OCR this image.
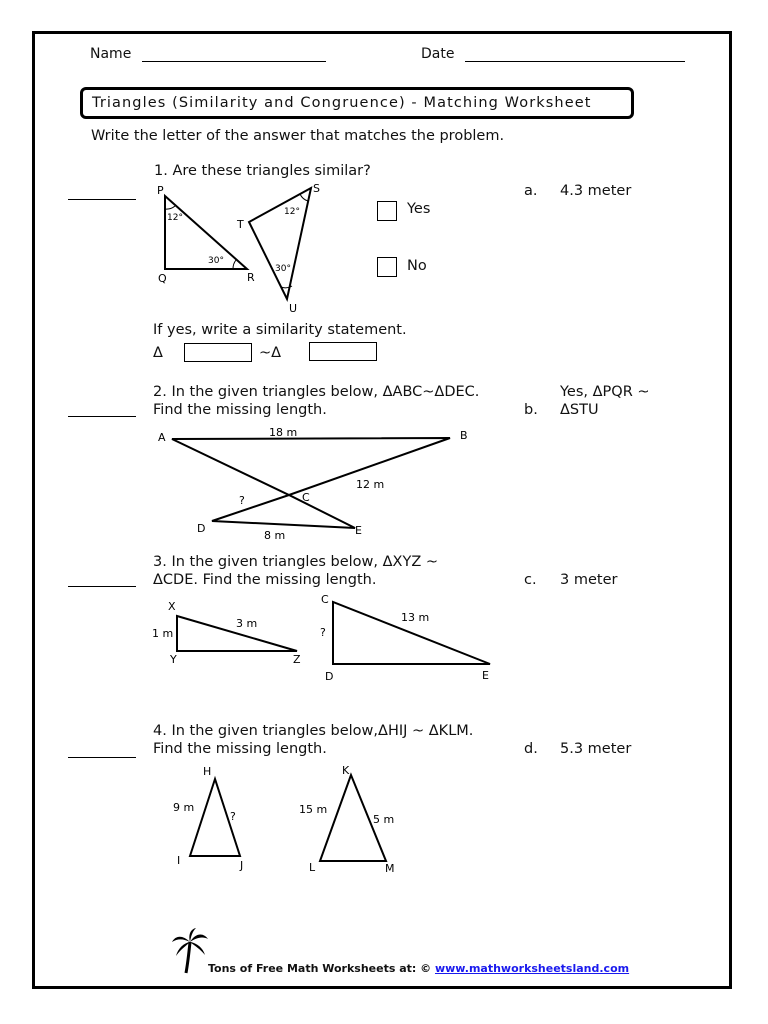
Name	Date
Triangles (Similarity and Congruence) - Matching Worksheet
Write the letter of the answer that matches the problem.
1. Are these triangles similar?
P
Q	R
S
T
U
12°
30°
12°
30°
Yes
No
If yes, write a similarity statement.
Δ	~Δ
2. In the given triangles below, ΔABC~ΔDEC.
Find the missing length.
A	B
C
D	E
18 m
12 m
?
8 m
3. In the given triangles below, ΔXYZ ~
ΔCDE. Find the missing length.
X
Y	Z
C
D	E
1 m
3 m
?
13 m
4. In the given triangles below,ΔHIJ ~ ΔKLM.
Find the missing length.
H
I	J
K
L	M
9 m
?
15 m
5 m
a. 4.3 meter
Yes, ΔPQR ~
b. ΔSTU
c. 3 meter
d. 5.3 meter
Tons of Free Math Worksheets at: © www.mathworksheetsland.com
